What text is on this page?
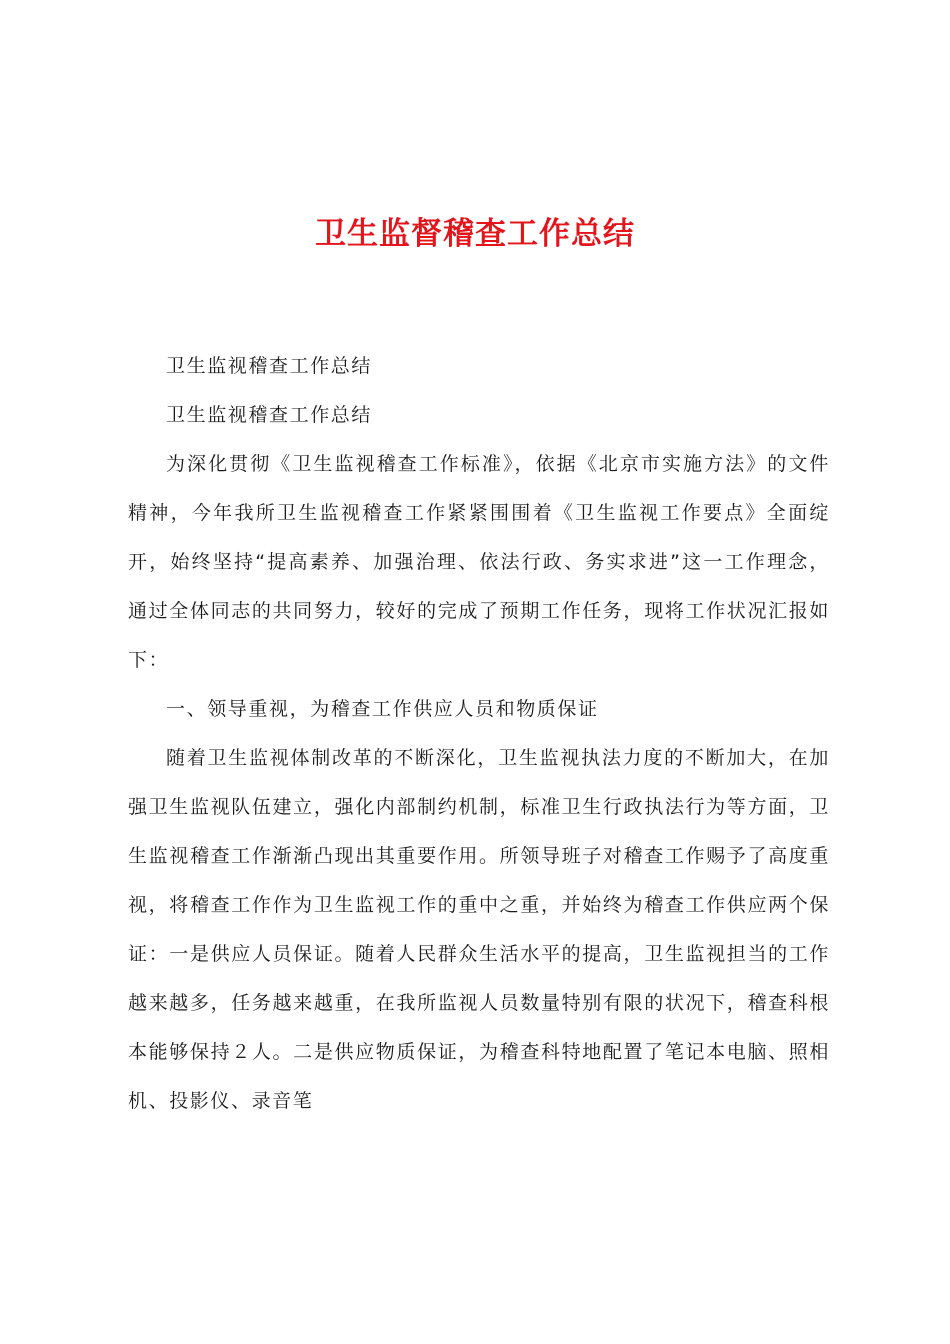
卫生监督稽查工作总结

卫生监视稽查工作总结

卫生监视稽查工作总结

为深化贯彻《卫生监视稽查工作标准》，依据《北京市实施方法》的文件精神，今年我所卫生监视稽查工作紧紧围围着《卫生监视工作要点》全面绽开，始终坚持“提高素养、加强治理、依法行政、务实求进”这一工作理念，通过全体同志的共同努力，较好的完成了预期工作任务，现将工作状况汇报如下：

一、领导重视，为稽查工作供应人员和物质保证

随着卫生监视体制改革的不断深化，卫生监视执法力度的不断加大，在加强卫生监视队伍建立，强化内部制约机制，标准卫生行政执法行为等方面，卫生监视稽查工作渐渐凸现出其重要作用。所领导班子对稽查工作赐予了高度重视，将稽查工作作为卫生监视工作的重中之重，并始终为稽查工作供应两个保证：一是供应人员保证。随着人民群众生活水平的提高，卫生监视担当的工作越来越多，任务越来越重，在我所监视人员数量特别有限的状况下，稽查科根本能够保持２人。二是供应物质保证，为稽查科特地配置了笔记本电脑、照相机、投影仪、录音笔
